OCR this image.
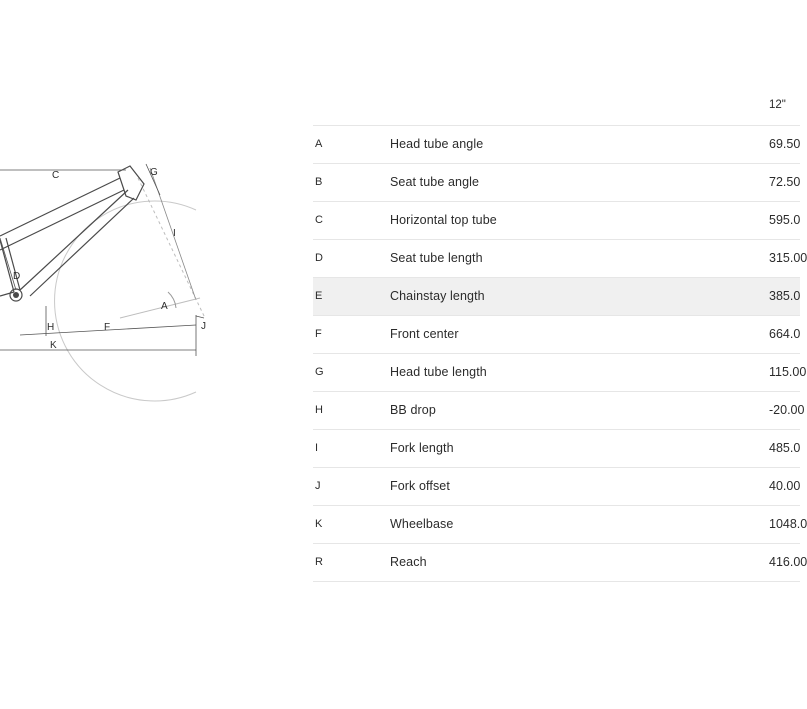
C	G
I
D
A
H	F	J
K
12"
A	Head tube angle	69.50
B	Seat tube angle	72.50
C	Horizontal top tube	595.0
D	Seat tube length	315.00
E	Chainstay length	385.0
F	Front center	664.0
G	Head tube length	115.00
H	BB drop	-20.00
I	Fork length	485.0
J	Fork offset	40.00
K	Wheelbase	1048.0
R	Reach	416.00
